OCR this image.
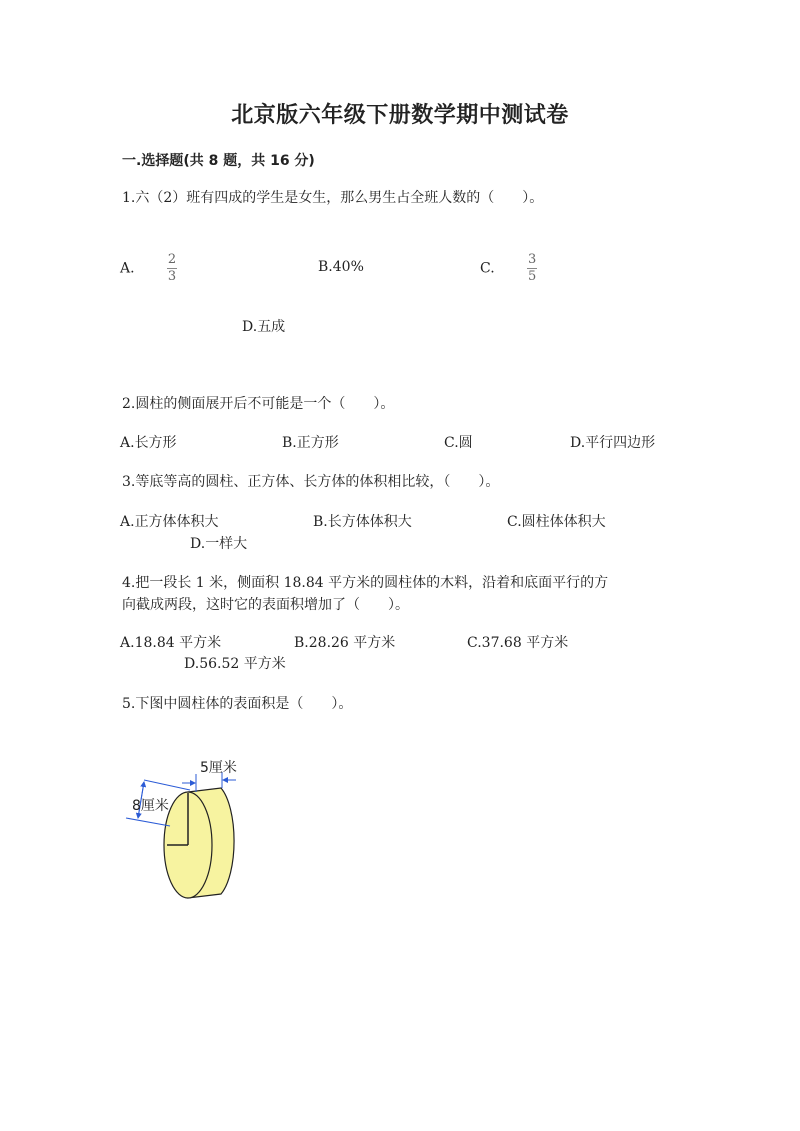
北京版六年级下册数学期中测试卷
一.选择题(共 8 题，共 16 分)
1.六（2）班有四成的学生是女生，那么男生占全班人数的（　　）。
A. $\frac{2}{3}$	B.40%	C. $\frac{3}{5}$
D.五成
2.圆柱的侧面展开后不可能是一个（　　）。
A.长方形	B.正方形	C.圆	D.平行四边形
3.等底等高的圆柱、正方体、长方体的体积相比较，（　　）。
A.正方体体积大	B.长方体体积大	C.圆柱体体积大
D.一样大
4.把一段长 1 米，侧面积 18.84 平方米的圆柱体的木料，沿着和底面平行的方
向截成两段，这时它的表面积增加了（　　）。
A.18.84 平方米	B.28.26 平方米	C.37.68 平方米
D.56.52 平方米
5.下图中圆柱体的表面积是（　　）。
5厘米
8厘米
